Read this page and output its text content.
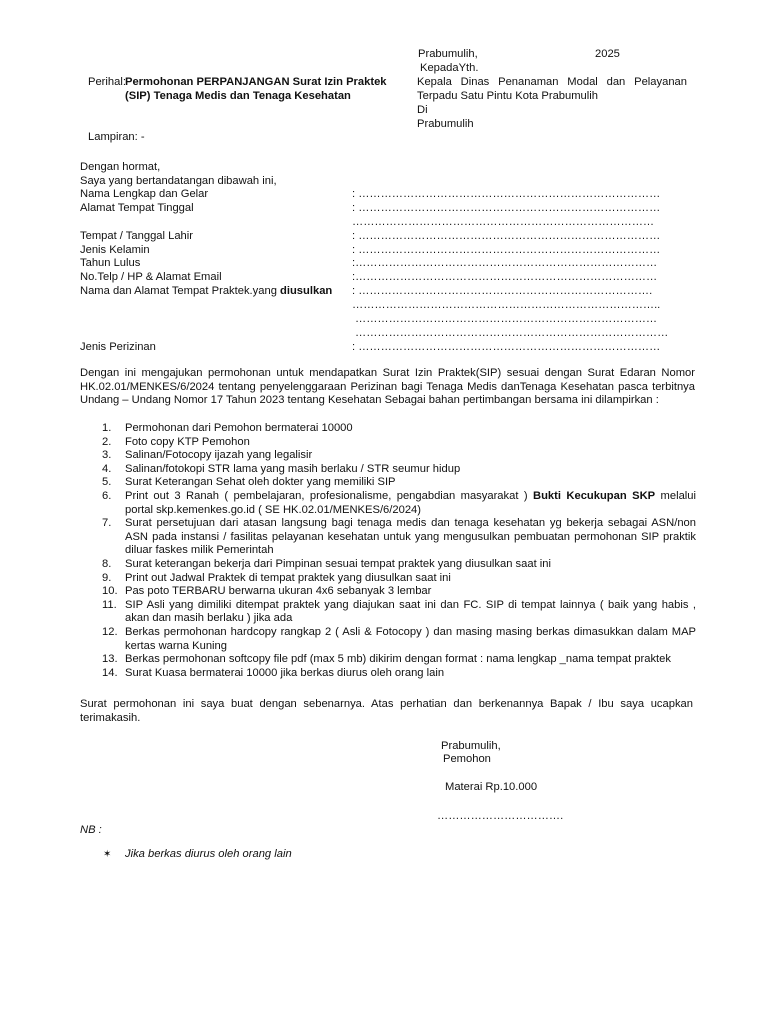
Prabumulih,	2025
KepadaYth.
Perihal: Permohonan PERPANJANGAN Surat Izin Praktek
(SIP) Tenaga Medis dan Tenaga Kesehatan
Kepala Dinas Penanaman Modal dan Pelayanan
Terpadu Satu Pintu Kota Prabumulih
Di
Prabumulih
Lampiran: -
Dengan hormat,
Saya yang bertandatangan dibawah ini,
Nama Lengkap dan Gelar	: ………………………………………………………………………
Alamat Tempat Tinggal	: ………………………………………………………………………
………………………………………………………………………
Tempat / Tanggal Lahir	: ………………………………………………………………………
Jenis Kelamin	: ………………………………………………………………………
Tahun Lulus	:………………………………………………………………………
No.Telp / HP & Alamat Email	:………………………………………………………………………
Nama dan Alamat Tempat Praktek.yang diusulkan : …………………………………………………………………….
………………………………………………………………………..
………………………………………………………………………
…………………………………………………………………………
Jenis Perizinan	: ………………………………………………………………………
Dengan ini mengajukan permohonan untuk mendapatkan Surat Izin Praktek(SIP) sesuai dengan Surat Edaran Nomor HK.02.01/MENKES/6/2024 tentang penyelenggaraan Perizinan bagi Tenaga Medis danTenaga Kesehatan pasca terbitnya Undang – Undang Nomor 17 Tahun 2023 tentang Kesehatan Sebagai bahan pertimbangan bersama ini dilampirkan :
1.	Permohonan dari Pemohon bermaterai 10000
2.	Foto copy KTP Pemohon
3.	Salinan/Fotocopy ijazah yang legalisir
4.	Salinan/fotokopi STR lama yang masih berlaku / STR seumur hidup
5.	Surat Keterangan Sehat oleh dokter yang memiliki SIP
6.	Print out 3 Ranah ( pembelajaran, profesionalisme, pengabdian masyarakat ) Bukti Kecukupan SKP melalui portal skp.kemenkes.go.id ( SE HK.02.01/MENKES/6/2024)
7.	Surat persetujuan dari atasan langsung bagi tenaga medis dan tenaga kesehatan yg bekerja sebagai ASN/non ASN pada instansi / fasilitas pelayanan kesehatan untuk yang mengusulkan pembuatan permohonan SIP praktik diluar faskes milik Pemerintah
8.	Surat keterangan bekerja dari Pimpinan sesuai tempat praktek yang diusulkan saat ini
9.	Print out Jadwal Praktek di tempat praktek yang diusulkan saat ini
10. Pas poto TERBARU berwarna ukuran 4x6 sebanyak 3 lembar
11. SIP Asli yang dimiliki ditempat praktek yang diajukan saat ini dan FC. SIP di tempat lainnya ( baik yang habis , akan dan masih berlaku ) jika ada
12. Berkas permohonan hardcopy rangkap 2 ( Asli & Fotocopy ) dan masing masing berkas dimasukkan dalam MAP kertas warna Kuning
13. Berkas permohonan softcopy file pdf (max 5 mb) dikirim dengan format : nama lengkap _nama tempat praktek
14. Surat Kuasa bermaterai 10000 jika berkas diurus oleh orang lain
Surat permohonan ini saya buat dengan sebenarnya. Atas perhatian dan berkenannya Bapak / Ibu saya ucapkan terimakasih.
Prabumulih,
Pemohon
Materai Rp.10.000
…………………………….
NB :
✶ Jika berkas diurus oleh orang lain
